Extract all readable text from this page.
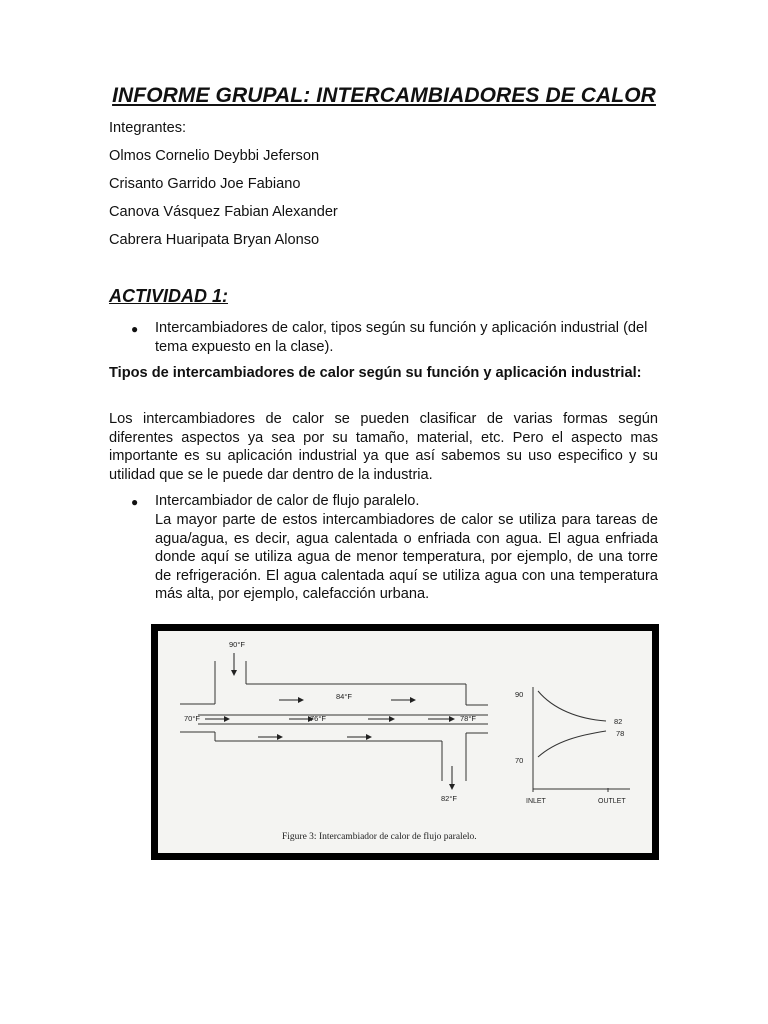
INFORME GRUPAL: INTERCAMBIADORES DE CALOR
Integrantes:
Olmos Cornelio Deybbi Jeferson
Crisanto Garrido Joe Fabiano
Canova Vásquez Fabian Alexander
Cabrera Huaripata Bryan Alonso
ACTIVIDAD 1:
● Intercambiadores de calor, tipos según su función y aplicación industrial (del tema expuesto en la clase).
Tipos de intercambiadores de calor según su función y aplicación industrial:
Los intercambiadores de calor se pueden clasificar de varias formas según diferentes aspectos ya sea por su tamaño, material, etc. Pero el aspecto mas importante es su aplicación industrial ya que así sabemos su uso especifico y su utilidad que se le puede dar dentro de la industria.
● Intercambiador de calor de flujo paralelo.
La mayor parte de estos intercambiadores de calor se utiliza para tareas de agua/agua, es decir, agua calentada o enfriada con agua. El agua enfriada donde aquí se utiliza agua de menor temperatura, por ejemplo, de una torre de refrigeración. El agua calentada aquí se utiliza agua con una temperatura más alta, por ejemplo, calefacción urbana.
90°F
84°F
82°F
70°F	76°F	78°F
90
70
82
78
INLET	OUTLET
Figure 3: Intercambiador de calor de flujo paralelo.
